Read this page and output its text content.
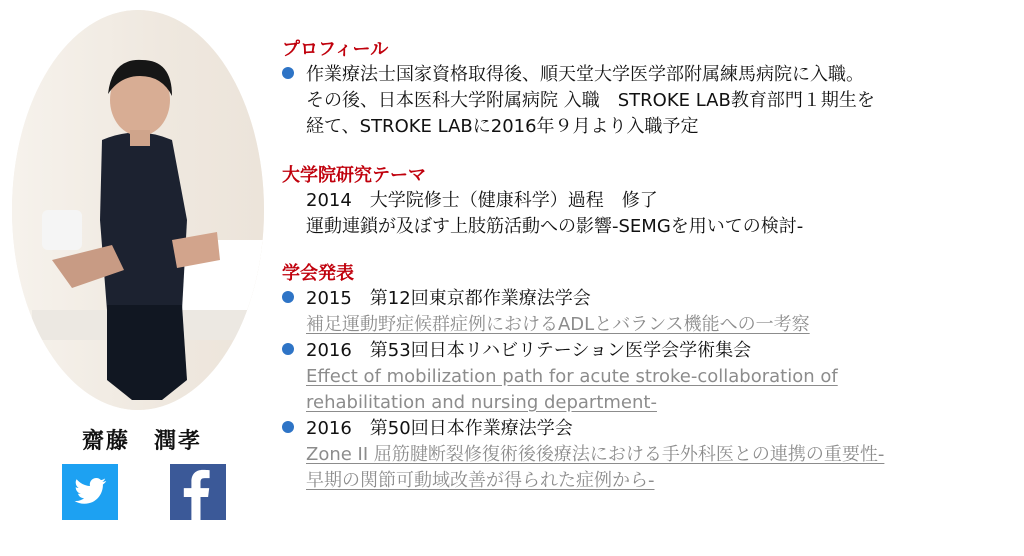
齋藤　潤孝
プロフィール
作業療法士国家資格取得後、順天堂大学医学部附属練馬病院に入職。
その後、日本医科大学附属病院 入職　STROKE LAB教育部門１期生を
経て、STROKE LABに2016年９月より入職予定
大学院研究テーマ
2014　大学院修士（健康科学）過程　修了
運動連鎖が及ぼす上肢筋活動への影響-SEMGを用いての検討-
学会発表
2015　第12回東京都作業療法学会
補足運動野症候群症例におけるADLとバランス機能への一考察
2016　第53回日本リハビリテーション医学会学術集会
Effect of mobilization path for acute stroke-collaboration of
rehabilitation and nursing department-
2016　第50回日本作業療法学会
Zone II 屈筋腱断裂修復術後後療法における手外科医との連携の重要性-
早期の関節可動域改善が得られた症例から-
